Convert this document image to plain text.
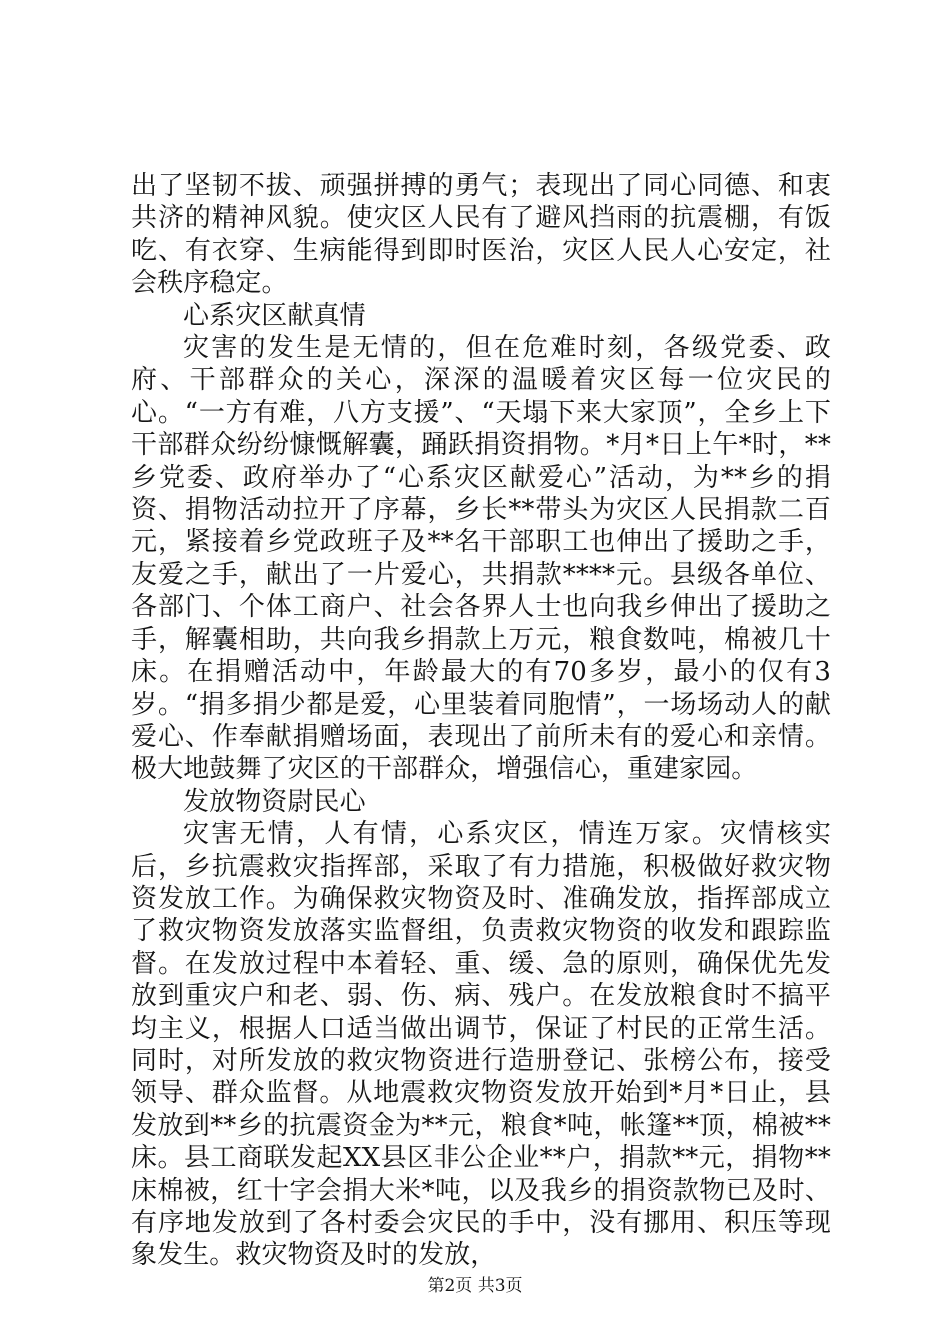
出了坚韧不拔、顽强拼搏的勇气；表现出了同心同德、和衷共济的精神风貌。使灾区人民有了避风挡雨的抗震棚，有饭吃、有衣穿、生病能得到即时医治，灾区人民人心安定，社会秩序稳定。

心系灾区献真情

灾害的发生是无情的，但在危难时刻，各级党委、政府、干部群众的关心，深深的温暖着灾区每一位灾民的心。“一方有难，八方支援”、“天塌下来大家顶”，全乡上下干部群众纷纷慷慨解囊，踊跃捐资捐物。*月*日上午*时，**乡党委、政府举办了“心系灾区献爱心”活动，为**乡的捐资、捐物活动拉开了序幕，乡长**带头为灾区人民捐款二百元，紧接着乡党政班子及**名干部职工也伸出了援助之手，友爱之手，献出了一片爱心，共捐款****元。县级各单位、各部门、个体工商户、社会各界人士也向我乡伸出了援助之手，解囊相助，共向我乡捐款上万元，粮食数吨，棉被几十床。在捐赠活动中，年龄最大的有70多岁，最小的仅有3岁。“捐多捐少都是爱，心里装着同胞情”，一场场动人的献爱心、作奉献捐赠场面，表现出了前所未有的爱心和亲情。极大地鼓舞了灾区的干部群众，增强信心，重建家园。

发放物资尉民心

灾害无情，人有情，心系灾区，情连万家。灾情核实后，乡抗震救灾指挥部，采取了有力措施，积极做好救灾物资发放工作。为确保救灾物资及时、准确发放，指挥部成立了救灾物资发放落实监督组，负责救灾物资的收发和跟踪监督。在发放过程中本着轻、重、缓、急的原则，确保优先发放到重灾户和老、弱、伤、病、残户。在发放粮食时不搞平均主义，根据人口适当做出调节，保证了村民的正常生活。同时，对所发放的救灾物资进行造册登记、张榜公布，接受领导、群众监督。从地震救灾物资发放开始到*月*日止，县发放到**乡的抗震资金为**元，粮食*吨，帐篷**顶，棉被**床。县工商联发起XX县区非公企业**户，捐款**元，捐物**床棉被，红十字会捐大米*吨，以及我乡的捐资款物已及时、有序地发放到了各村委会灾民的手中，没有挪用、积压等现象发生。救灾物资及时的发放，

第2页 共3页
